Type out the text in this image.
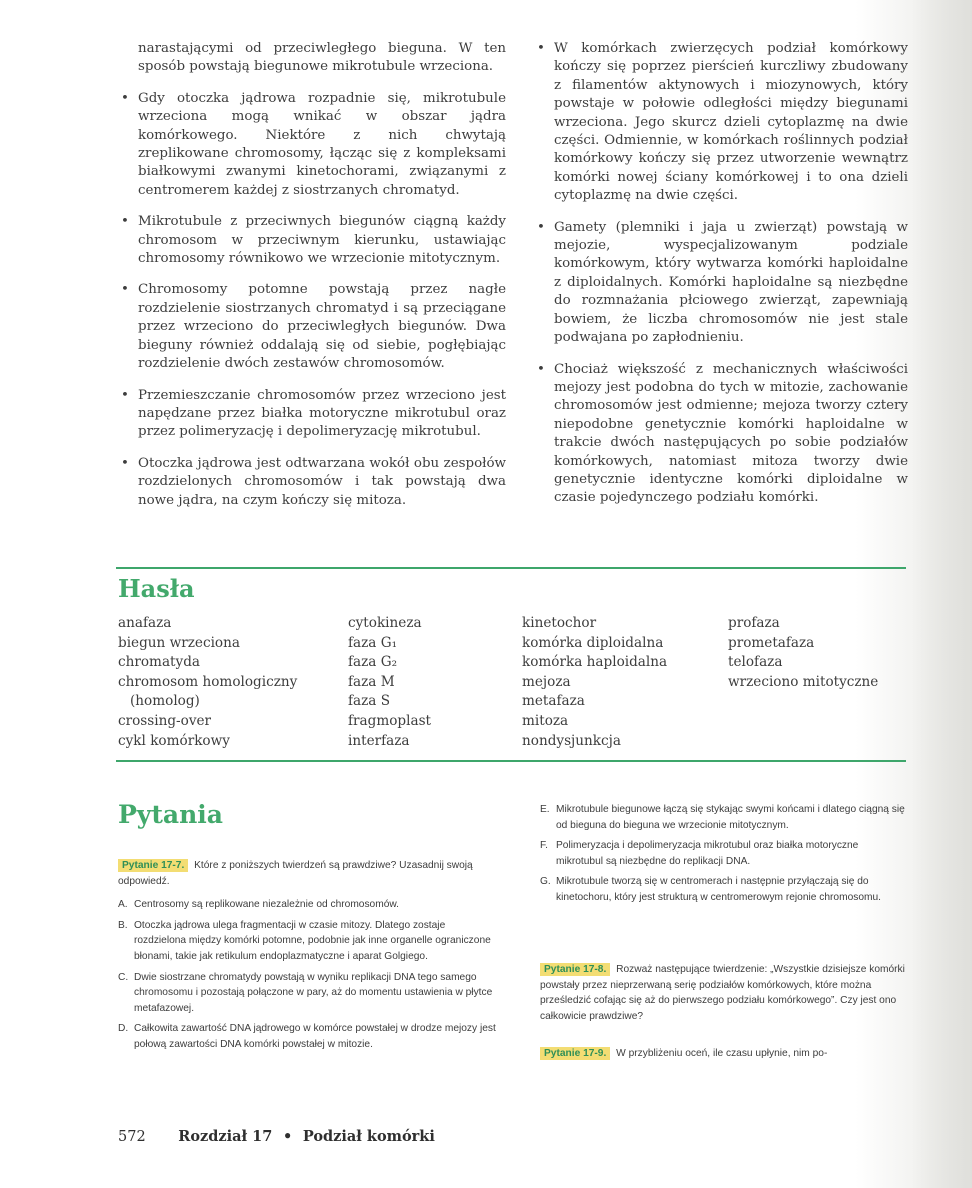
narastającymi od przeciwległego bieguna. W ten sposób powstają biegunowe mikrotubule wrzeciona.

• Gdy otoczka jądrowa rozpadnie się, mikrotubule wrzeciona mogą wnikać w obszar jądra komórkowego. Niektóre z nich chwytają zreplikowane chromosomy, łącząc się z kompleksami białkowymi zwanymi kinetochorami, związanymi z centromerem każdej z siostrzanych chromatyd.
• Mikrotubule z przeciwnych biegunów ciągną każdy chromosom w przeciwnym kierunku, ustawiając chromosomy równikowo we wrzecionie mitotycznym.
• Chromosomy potomne powstają przez nagłe rozdzielenie siostrzanych chromatyd i są przeciągane przez wrzeciono do przeciwległych biegunów. Dwa bieguny również oddalają się od siebie, pogłębiając rozdzielenie dwóch zestawów chromosomów.
• Przemieszczanie chromosomów przez wrzeciono jest napędzane przez białka motoryczne mikrotubul oraz przez polimeryzację i depolimeryzację mikrotubul.
• Otoczka jądrowa jest odtwarzana wokół obu zespołów rozdzielonych chromosomów i tak powstają dwa nowe jądra, na czym kończy się mitoza.
• W komórkach zwierzęcych podział komórkowy kończy się poprzez pierścień kurczliwy zbudowany z filamentów aktynowych i miozynowych, który powstaje w połowie odległości między biegunami wrzeciona. Jego skurcz dzieli cytoplazmę na dwie części. Odmiennie, w komórkach roślinnych podział komórkowy kończy się przez utworzenie wewnątrz komórki nowej ściany komórkowej i to ona dzieli cytoplazmę na dwie części.
• Gamety (plemniki i jaja u zwierząt) powstają w mejozie, wyspecjalizowanym podziale komórkowym, który wytwarza komórki haploidalne z diploidalnych. Komórki haploidalne są niezbędne do rozmnażania płciowego zwierząt, zapewniają bowiem, że liczba chromosomów nie jest stale podwajana po zapłodnieniu.
• Chociaż większość z mechanicznych właściwości mejozy jest podobna do tych w mitozie, zachowanie chromosomów jest odmienne; mejoza tworzy cztery niepodobne genetycznie komórki haploidalne w trakcie dwóch następujących po sobie podziałów komórkowych, natomiast mitoza tworzy dwie genetycznie identyczne komórki diploidalne w czasie pojedynczego podziału komórki.
Hasła
anafaza
biegun wrzeciona
chromatyda
chromosom homologiczny
(homolog)
crossing-over
cykl komórkowy
cytokineza
faza G₁
faza G₂
faza M
faza S
fragmoplast
interfaza
kinetochor
komórka diploidalna
komórka haploidalna
mejoza
metafaza
mitoza
nondysjunkcja
profaza
prometafaza
telofaza
wrzeciono mitotyczne
Pytania
Pytanie 17-7. Które z poniższych twierdzeń są prawdziwe? Uzasadnij swoją odpowiedź.
A. Centrosomy są replikowane niezależnie od chromosomów.
B. Otoczka jądrowa ulega fragmentacji w czasie mitozy. Dlatego zostaje rozdzielona między komórki potomne, podobnie jak inne organelle ograniczone błonami, takie jak retikulum endoplazmatyczne i aparat Golgiego.
C. Dwie siostrzane chromatydy powstają w wyniku replikacji DNA tego samego chromosomu i pozostają połączone w pary, aż do momentu ustawienia w płytce metafazowej.
D. Całkowita zawartość DNA jądrowego w komórce powstałej w drodze mejozy jest połową zawartości DNA komórki powstałej w mitozie.
E. Mikrotubule biegunowe łączą się stykając swymi końcami i dlatego ciągną się od bieguna do bieguna we wrzecionie mitotycznym.
F. Polimeryzacja i depolimeryzacja mikrotubul oraz białka motoryczne mikrotubul są niezbędne do replikacji DNA.
G. Mikrotubule tworzą się w centromerach i następnie przyłączają się do kinetochoru, który jest strukturą w centromerowym rejonie chromosomu.
Pytanie 17-8. Rozważ następujące twierdzenie: „Wszystkie dzisiejsze komórki powstały przez nieprzerwaną serię podziałów komórkowych, które można prześledzić cofając się aż do pierwszego podziału komórkowego”. Czy jest ono całkowicie prawdziwe?
Pytanie 17-9. W przybliżeniu oceń, ile czasu upłynie, nim po-
572 Rozdział 17 • Podział komórki
